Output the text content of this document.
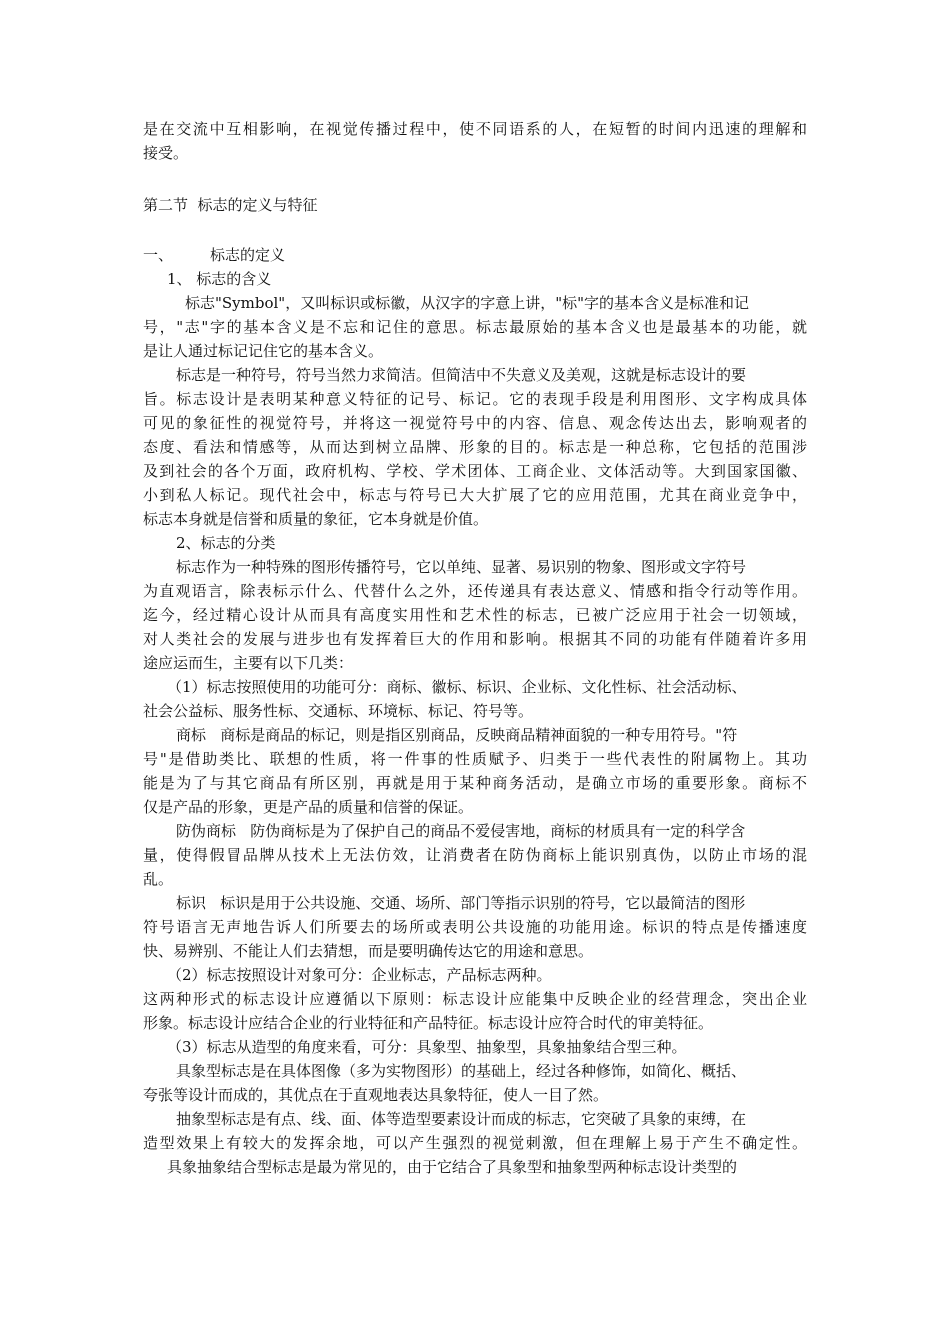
是在交流中互相影响，在视觉传播过程中，使不同语系的人，在短暂的时间内迅速的理解和
接受。
第二节  标志的定义与特征
一、 标志的定义
1、 标志的含义
标志"Symbol"，又叫标识或标徽，从汉字的字意上讲，"标"字的基本含义是标准和记
号，"志"字的基本含义是不忘和记住的意思。标志最原始的基本含义也是最基本的功能，就
是让人通过标记记住它的基本含义。
标志是一种符号，符号当然力求简洁。但简洁中不失意义及美观，这就是标志设计的要
旨。标志设计是表明某种意义特征的记号、标记。它的表现手段是利用图形、文字构成具体
可见的象征性的视觉符号，并将这一视觉符号中的内容、信息、观念传达出去，影响观者的
态度、看法和情感等，从而达到树立品牌、形象的目的。标志是一种总称，它包括的范围涉
及到社会的各个万面，政府机构、学校、学术团体、工商企业、文体活动等。大到国家国徽、
小到私人标记。现代社会中，标志与符号已大大扩展了它的应用范围，尤其在商业竞争中，
标志本身就是信誉和质量的象征，它本身就是价值。
2、标志的分类
标志作为一种特殊的图形传播符号，它以单纯、显著、易识别的物象、图形或文字符号
为直观语言，除表标示什么、代替什么之外，还传递具有表达意义、情感和指令行动等作用。
迄今，经过精心设计从而具有高度实用性和艺术性的标志，已被广泛应用于社会一切领域，
对人类社会的发展与进步也有发挥着巨大的作用和影响。根据其不同的功能有伴随着许多用
途应运而生，主要有以下几类：
（1）标志按照使用的功能可分：商标、徽标、标识、企业标、文化性标、社会活动标、
社会公益标、服务性标、交通标、环境标、标记、符号等。
商标   商标是商品的标记，则是指区别商品，反映商品精神面貌的一种专用符号。"符
号"是借助类比、联想的性质，将一件事的性质赋予、归类于一些代表性的附属物上。其功
能是为了与其它商品有所区别，再就是用于某种商务活动，是确立市场的重要形象。商标不
仅是产品的形象，更是产品的质量和信誉的保证。
防伪商标   防伪商标是为了保护自己的商品不爱侵害地，商标的材质具有一定的科学含
量，使得假冒品牌从技术上无法仿效，让消费者在防伪商标上能识别真伪，以防止市场的混
乱。
标识   标识是用于公共设施、交通、场所、部门等指示识别的符号，它以最简洁的图形
符号语言无声地告诉人们所要去的场所或表明公共设施的功能用途。标识的特点是传播速度
快、易辨别、不能让人们去猜想，而是要明确传达它的用途和意思。
（2）标志按照设计对象可分：企业标志，产品标志两种。
这两种形式的标志设计应遵循以下原则：标志设计应能集中反映企业的经营理念，突出企业
形象。标志设计应结合企业的行业特征和产品特征。标志设计应符合时代的审美特征。
（3）标志从造型的角度来看，可分：具象型、抽象型，具象抽象结合型三种。
具象型标志是在具体图像（多为实物图形）的基础上，经过各种修饰，如简化、概括、
夸张等设计而成的，其优点在于直观地表达具象特征，使人一目了然。
抽象型标志是有点、线、面、体等造型要素设计而成的标志，它突破了具象的束缚，在
造型效果上有较大的发挥余地，可以产生强烈的视觉刺激，但在理解上易于产生不确定性。
具象抽象结合型标志是最为常见的，由于它结合了具象型和抽象型两种标志设计类型的
